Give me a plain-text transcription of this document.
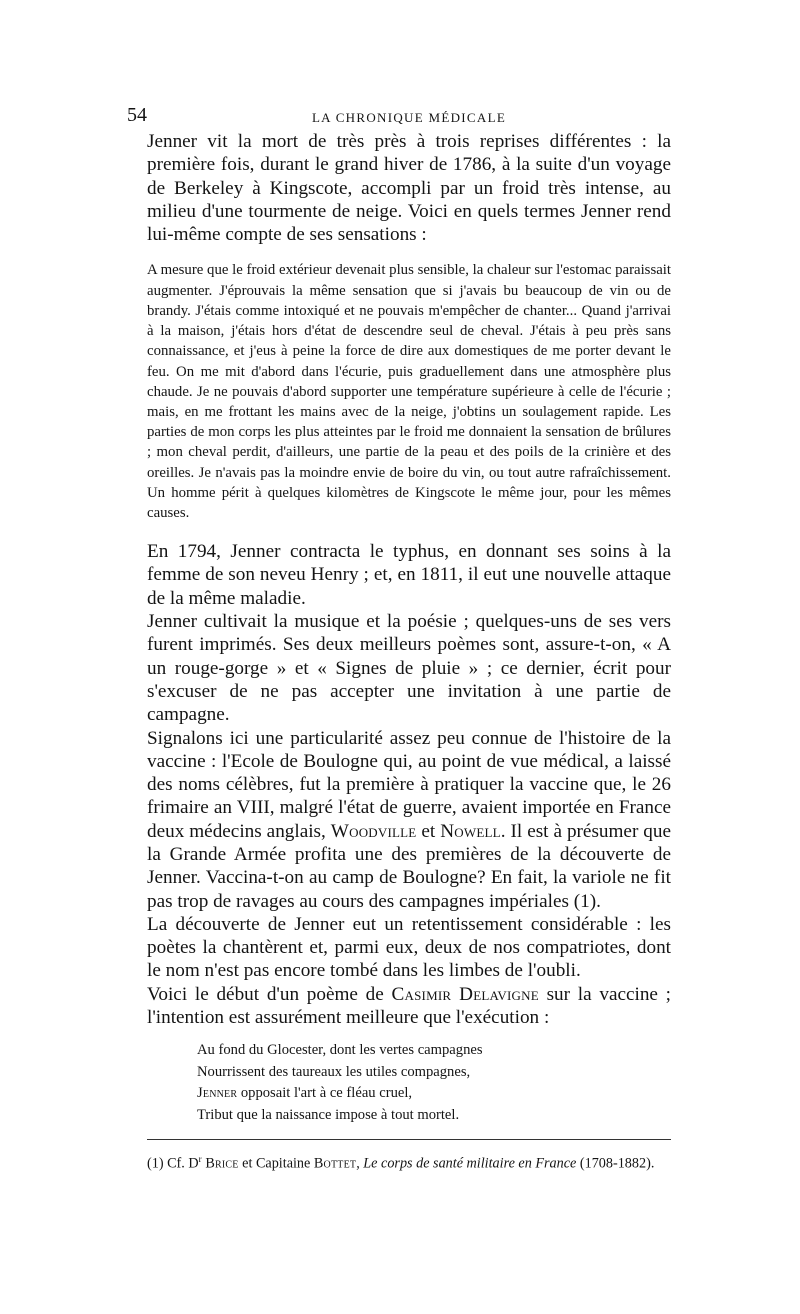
54	LA CHRONIQUE MÉDICALE

Jenner vit la mort de très près à trois reprises différentes : la première fois, durant le grand hiver de 1786, à la suite d'un voyage de Berkeley à Kingscote, accompli par un froid très intense, au milieu d'une tourmente de neige. Voici en quels termes Jenner rend lui-même compte de ses sensations :

A mesure que le froid extérieur devenait plus sensible, la chaleur sur l'estomac paraissait augmenter. J'éprouvais la même sensation que si j'avais bu beaucoup de vin ou de brandy. J'étais comme intoxiqué et ne pouvais m'empêcher de chanter... Quand j'arrivai à la maison, j'étais hors d'état de descendre seul de cheval. J'étais à peu près sans connaissance, et j'eus à peine la force de dire aux domestiques de me porter devant le feu. On me mit d'abord dans l'écurie, puis graduellement dans une atmosphère plus chaude. Je ne pouvais d'abord supporter une température supérieure à celle de l'écurie ; mais, en me frottant les mains avec de la neige, j'obtins un soulagement rapide. Les parties de mon corps les plus atteintes par le froid me donnaient la sensation de brûlures ; mon cheval perdit, d'ailleurs, une partie de la peau et des poils de la crinière et des oreilles. Je n'avais pas la moindre envie de boire du vin, ou tout autre rafraîchissement. Un homme périt à quelques kilomètres de Kingscote le même jour, pour les mêmes causes.

En 1794, Jenner contracta le typhus, en donnant ses soins à la femme de son neveu Henry ; et, en 1811, il eut une nouvelle attaque de la même maladie.

Jenner cultivait la musique et la poésie ; quelques-uns de ses vers furent imprimés. Ses deux meilleurs poèmes sont, assure-t-on, « A un rouge-gorge » et « Signes de pluie » ; ce dernier, écrit pour s'excuser de ne pas accepter une invitation à une partie de campagne.

Signalons ici une particularité assez peu connue de l'histoire de la vaccine : l'Ecole de Boulogne qui, au point de vue médical, a laissé des noms célèbres, fut la première à pratiquer la vaccine que, le 26 frimaire an VIII, malgré l'état de guerre, avaient importée en France deux médecins anglais, Woodville et Nowell. Il est à présumer que la Grande Armée profita une des premières de la découverte de Jenner. Vaccina-t-on au camp de Boulogne? En fait, la variole ne fit pas trop de ravages au cours des campagnes impériales (1).

La découverte de Jenner eut un retentissement considérable : les poètes la chantèrent et, parmi eux, deux de nos compatriotes, dont le nom n'est pas encore tombé dans les limbes de l'oubli.

Voici le début d'un poème de Casimir Delavigne sur la vaccine ; l'intention est assurément meilleure que l'exécution :

Au fond du Glocester, dont les vertes campagnes
Nourrissent des taureaux les utiles compagnes,
Jenner opposait l'art à ce fléau cruel,
Tribut que la naissance impose à tout mortel.
(1) Cf. $D^r$ Brice et Capitaine Bottet, Le corps de santé militaire en France (1708-1882).
